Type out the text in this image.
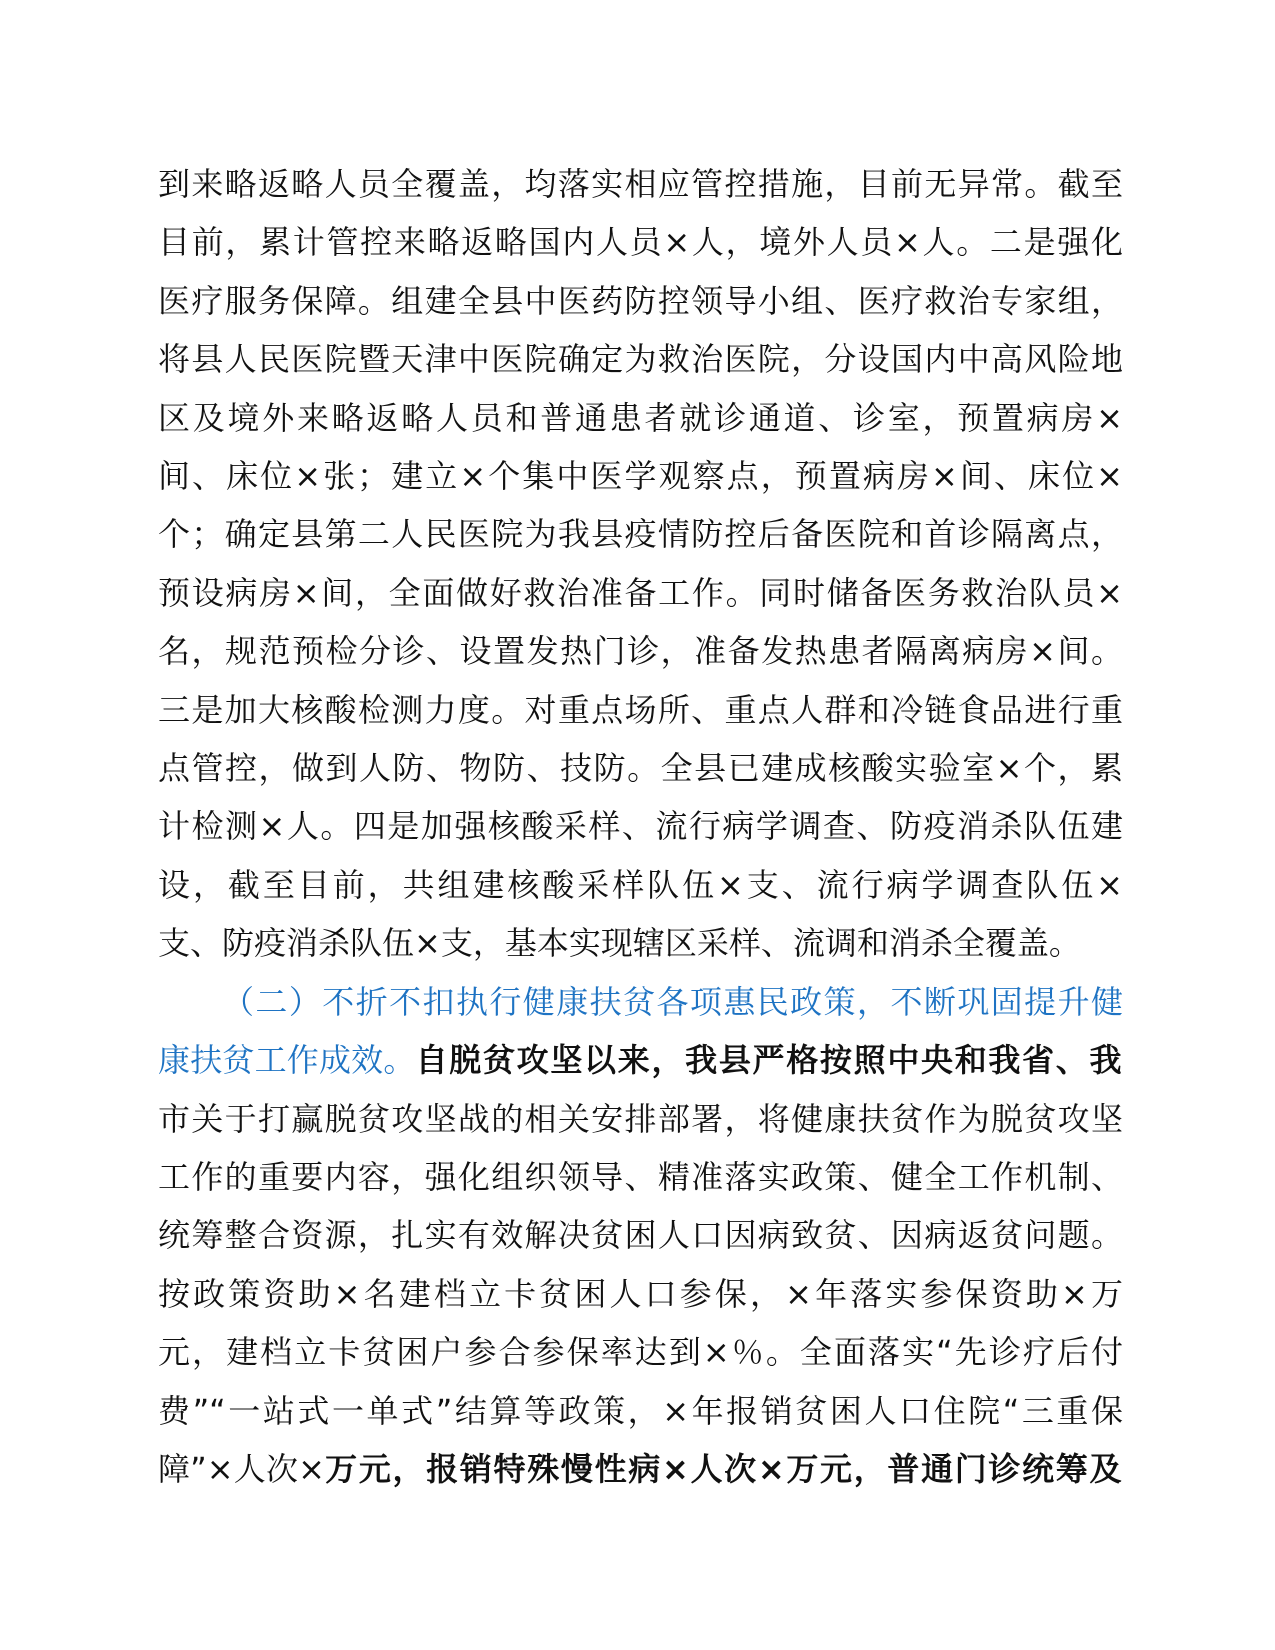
到来略返略人员全覆盖，均落实相应管控措施，目前无异常。截至
目前，累计管控来略返略国内人员×人，境外人员×人。二是强化
医疗服务保障。组建全县中医药防控领导小组、医疗救治专家组，
将县人民医院暨天津中医院确定为救治医院，分设国内中高风险地
区及境外来略返略人员和普通患者就诊通道、诊室，预置病房×
间、床位×张；建立×个集中医学观察点，预置病房×间、床位×
个；确定县第二人民医院为我县疫情防控后备医院和首诊隔离点，
预设病房×间，全面做好救治准备工作。同时储备医务救治队员×
名，规范预检分诊、设置发热门诊，准备发热患者隔离病房×间。
三是加大核酸检测力度。对重点场所、重点人群和冷链食品进行重
点管控，做到人防、物防、技防。全县已建成核酸实验室×个，累
计检测×人。四是加强核酸采样、流行病学调查、防疫消杀队伍建
设，截至目前，共组建核酸采样队伍×支、流行病学调查队伍×
支、防疫消杀队伍×支，基本实现辖区采样、流调和消杀全覆盖。
（二）不折不扣执行健康扶贫各项惠民政策，不断巩固提升健
康扶贫工作成效。自脱贫攻坚以来，我县严格按照中央和我省、我
市关于打赢脱贫攻坚战的相关安排部署，将健康扶贫作为脱贫攻坚
工作的重要内容，强化组织领导、精准落实政策、健全工作机制、
统筹整合资源，扎实有效解决贫困人口因病致贫、因病返贫问题。
按政策资助×名建档立卡贫困人口参保，×年落实参保资助×万
元，建档立卡贫困户参合参保率达到×％。全面落实“先诊疗后付
费”“一站式一单式”结算等政策，×年报销贫困人口住院“三重保
障”×人次×万元，报销特殊慢性病×人次×万元，普通门诊统筹及
